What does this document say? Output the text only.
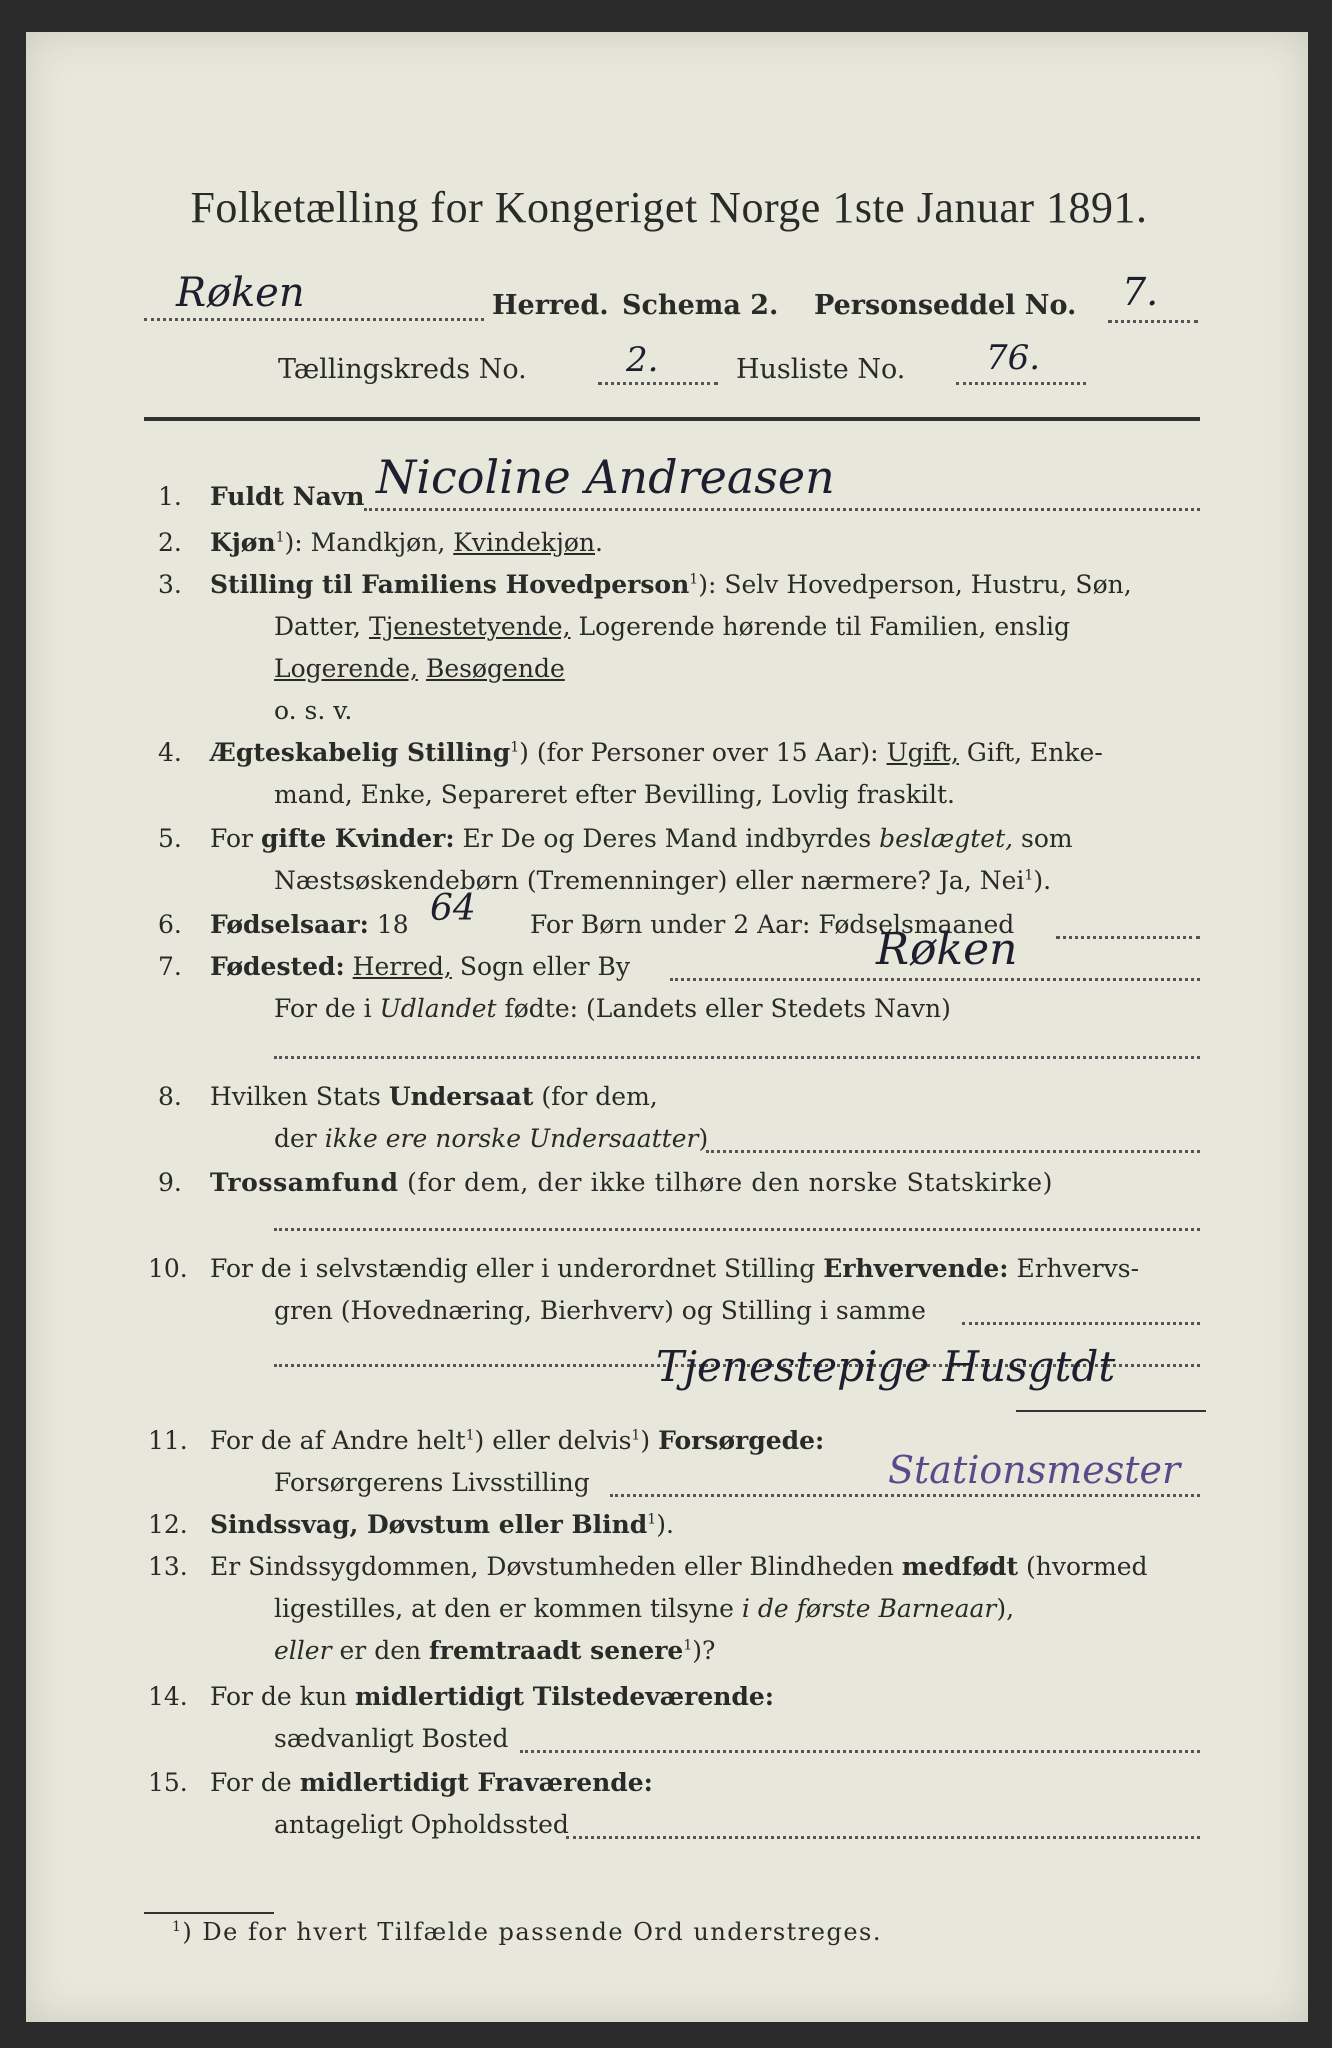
Folketælling for Kongeriget Norge 1ste Januar 1891.
Røken	Herred. Schema 2. Personseddel No. 7.
Tællingskreds No.	2.	Husliste No. 76.
1. Fuldt Navn Nicoline Andreasen
2. Kjøn$^1$): Mandkjøn, Kvindekjøn.
3. Stilling til Familiens Hovedperson$^1$): Selv Hovedperson, Hustru, Søn,
Datter, Tjenestetyende, Logerende hørende til Familien, enslig
Logerende, Besøgende
o. s. v.
4. Ægteskabelig Stilling$^1$) (for Personer over 15 Aar): Ugift, Gift, Enke-
mand, Enke, Separeret efter Bevilling, Lovlig fraskilt.
5. For gifte Kvinder: Er De og Deres Mand indbyrdes beslægtet, som
Næstsøskendebørn (Tremenninger) eller nærmere? Ja, Nei$^1$).
6. Fødselsaar: 18 64 For Børn under 2 Aar: Fødselsmaaned
7. Fødested: Herred, Sogn eller By	Røken
For de i Udlandet fødte: (Landets eller Stedets Navn)
8. Hvilken Stats Undersaat (for dem,
der ikke ere norske Undersaatter)
9. Trossamfund (for dem, der ikke tilhøre den norske Statskirke)
10. For de i selvstændig eller i underordnet Stilling Erhvervende: Erhvervs-
gren (Hovednæring, Bierhverv) og Stilling i samme
Tjenestepige Husgtdt
11. For de af Andre helt$^1$) eller delvis$^1$) Forsørgede:
Forsørgerens Livsstilling	Stationsmester
12. Sindssvag, Døvstum eller Blind$^1$).
13. Er Sindssygdommen, Døvstumheden eller Blindheden medfødt (hvormed
ligestilles, at den er kommen tilsyne i de første Barneaar),
eller er den fremtraadt senere$^1$)?
14. For de kun midlertidigt Tilstedeværende:
sædvanligt Bosted
15. For de midlertidigt Fraværende:
antageligt Opholdssted
$^1$) De for hvert Tilfælde passende Ord understreges.
